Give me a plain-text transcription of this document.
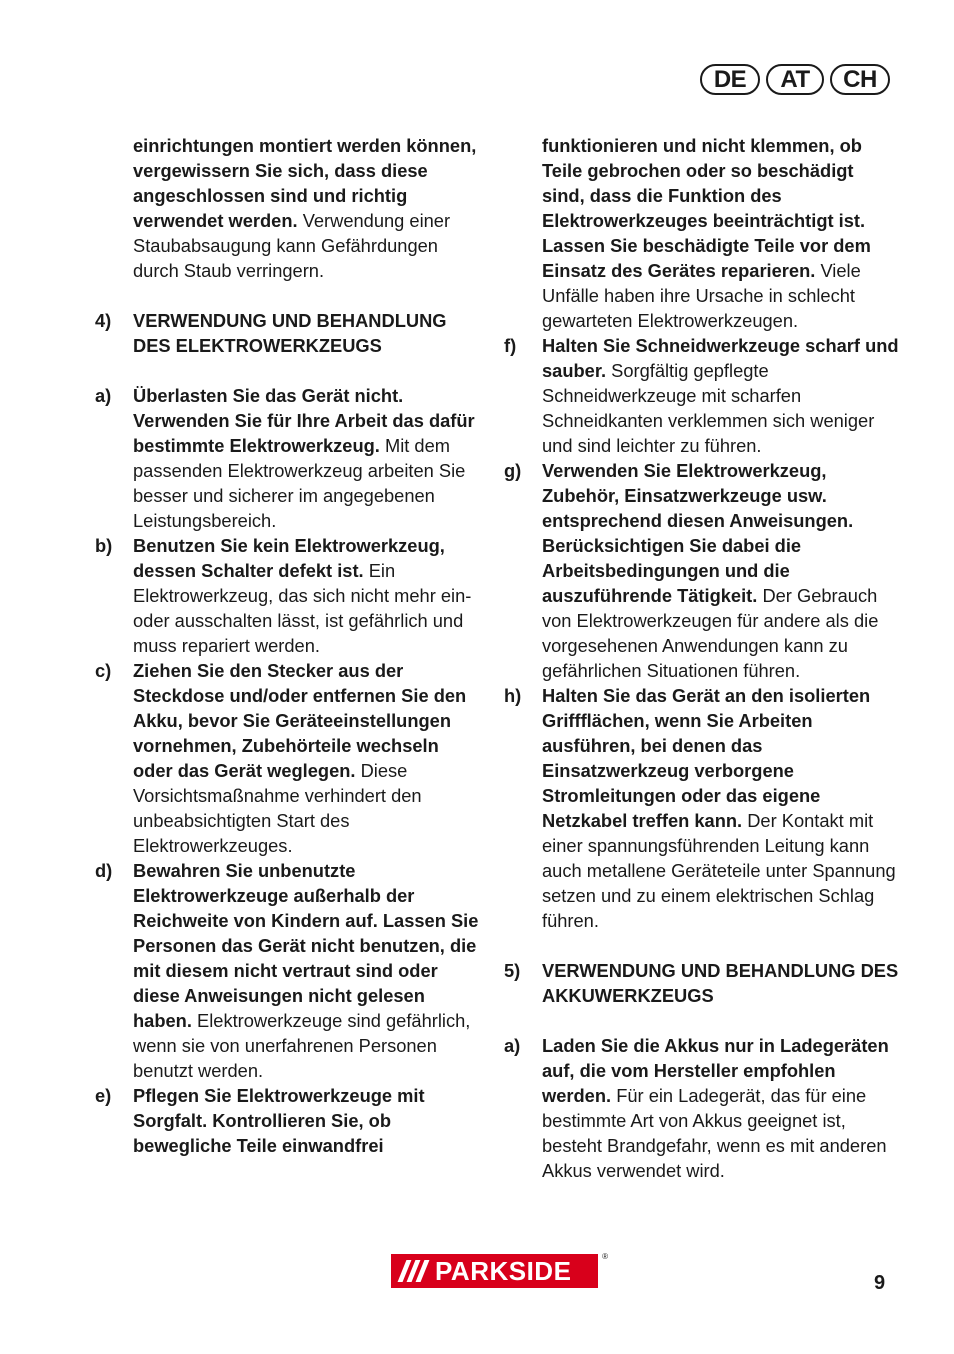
DE	AT	CH
einrichtungen montiert werden können, vergewissern Sie sich, dass diese angeschlossen sind und richtig verwendet werden. Verwendung einer Staubabsaugung kann Gefährdungen durch Staub verringern.
4) VERWENDUNG UND BEHANDLUNG DES ELEKTROWERKZEUGS
a) Überlasten Sie das Gerät nicht. Verwenden Sie für Ihre Arbeit das dafür bestimmte Elektrowerkzeug. Mit dem passenden Elektrowerkzeug arbeiten Sie besser und sicherer im angegebenen Leistungsbereich.
b) Benutzen Sie kein Elektrowerkzeug, dessen Schalter defekt ist. Ein Elektrowerkzeug, das sich nicht mehr ein- oder ausschalten lässt, ist gefährlich und muss repariert werden.
c) Ziehen Sie den Stecker aus der Steckdose und/oder entfernen Sie den Akku, bevor Sie Geräteeinstellungen vornehmen, Zubehörteile wechseln oder das Gerät weglegen. Diese Vorsichtsmaßnahme verhindert den unbeabsichtigten Start des Elektrowerkzeuges.
d) Bewahren Sie unbenutzte Elektrowerkzeuge außerhalb der Reichweite von Kindern auf. Lassen Sie Personen das Gerät nicht benutzen, die mit diesem nicht vertraut sind oder diese Anweisungen nicht gelesen haben. Elektrowerkzeuge sind gefährlich, wenn sie von unerfahrenen Personen benutzt werden.
e) Pflegen Sie Elektrowerkzeuge mit Sorgfalt. Kontrollieren Sie, ob bewegliche Teile einwandfrei
funktionieren und nicht klemmen, ob Teile gebrochen oder so beschädigt sind, dass die Funktion des Elektrowerkzeuges beeinträchtigt ist. Lassen Sie beschädigte Teile vor dem Einsatz des Gerätes reparieren. Viele Unfälle haben ihre Ursache in schlecht gewarteten Elektrowerkzeugen.
f) Halten Sie Schneidwerkzeuge scharf und sauber. Sorgfältig gepflegte Schneidwerkzeuge mit scharfen Schneidkanten verklemmen sich weniger und sind leichter zu führen.
g) Verwenden Sie Elektrowerkzeug, Zubehör, Einsatzwerkzeuge usw. entsprechend diesen Anweisungen. Berücksichtigen Sie dabei die Arbeitsbedingungen und die auszuführende Tätigkeit. Der Gebrauch von Elektrowerkzeugen für andere als die vorgesehenen Anwendungen kann zu gefährlichen Situationen führen.
h) Halten Sie das Gerät an den isolierten Griffflächen, wenn Sie Arbeiten ausführen, bei denen das Einsatzwerkzeug verborgene Stromleitungen oder das eigene Netzkabel treffen kann. Der Kontakt mit einer spannungsführenden Leitung kann auch metallene Geräteteile unter Spannung setzen und zu einem elektrischen Schlag führen.
5) VERWENDUNG UND BEHANDLUNG DES AKKUWERKZEUGS
a) Laden Sie die Akkus nur in Ladegeräten auf, die vom Hersteller empfohlen werden. Für ein Ladegerät, das für eine bestimmte Art von Akkus geeignet ist, besteht Brandgefahr, wenn es mit anderen Akkus verwendet wird.
PARKSIDE	®
9
